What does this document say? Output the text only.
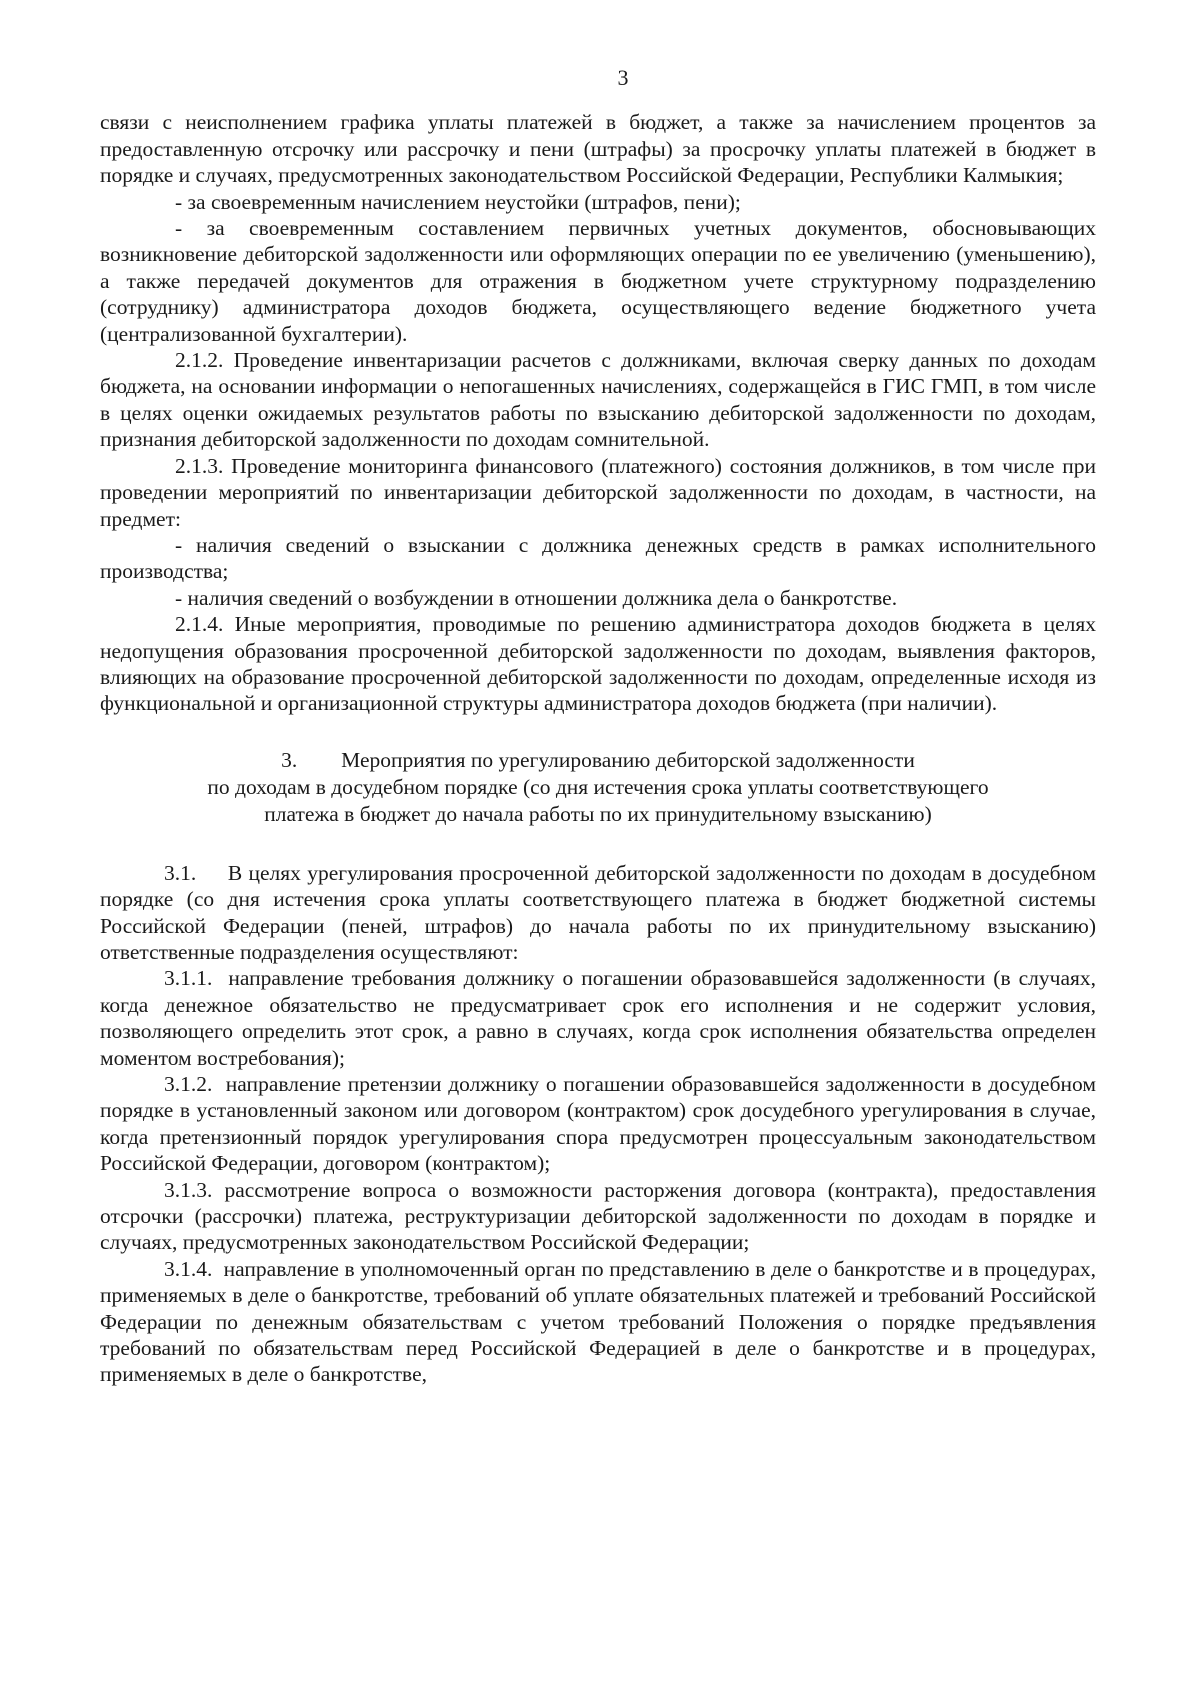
3

связи с неисполнением графика уплаты платежей в бюджет, а также за начислением процентов за предоставленную отсрочку или рассрочку и пени (штрафы) за просрочку уплаты платежей в бюджет в порядке и случаях, предусмотренных законодательством Российской Федерации, Республики Калмыкия;

- за своевременным начислением неустойки (штрафов, пени);

- за своевременным составлением первичных учетных документов, обосновывающих возникновение дебиторской задолженности или оформляющих операции по ее увеличению (уменьшению), а также передачей документов для отражения в бюджетном учете структурному подразделению (сотруднику) администратора доходов бюджета, осуществляющего ведение бюджетного учета (централизованной бухгалтерии).

2.1.2. Проведение инвентаризации расчетов с должниками, включая сверку данных по доходам бюджета, на основании информации о непогашенных начислениях, содержащейся в ГИС ГМП, в том числе в целях оценки ожидаемых результатов работы по взысканию дебиторской задолженности по доходам, признания дебиторской задолженности по доходам сомнительной.

2.1.3. Проведение мониторинга финансового (платежного) состояния должников, в том числе при проведении мероприятий по инвентаризации дебиторской задолженности по доходам, в частности, на предмет:

- наличия сведений о взыскании с должника денежных средств в рамках исполнительного производства;

- наличия сведений о возбуждении в отношении должника дела о банкротстве.

2.1.4. Иные мероприятия, проводимые по решению администратора доходов бюджета в целях недопущения образования просроченной дебиторской задолженности по доходам, выявления факторов, влияющих на образование просроченной дебиторской задолженности по доходам, определенные исходя из функциональной и организационной структуры администратора доходов бюджета (при наличии).

3. Мероприятия по урегулированию дебиторской задолженности
по доходам в досудебном порядке (со дня истечения срока уплаты соответствующего
платежа в бюджет до начала работы по их принудительному взысканию)

3.1.     В целях урегулирования просроченной дебиторской задолженности по доходам в досудебном порядке (со дня истечения срока уплаты соответствующего платежа в бюджет бюджетной системы Российской Федерации (пеней, штрафов) до начала работы по их принудительному взысканию) ответственные подразделения осуществляют:

3.1.1.  направление требования должнику о погашении образовавшейся задолженности (в случаях, когда денежное обязательство не предусматривает срок его исполнения и не содержит условия, позволяющего определить этот срок, а равно в случаях, когда срок исполнения обязательства определен моментом востребования);

3.1.2.  направление претензии должнику о погашении образовавшейся задолженности в досудебном порядке в установленный законом или договором (контрактом) срок досудебного урегулирования в случае, когда претензионный порядок урегулирования спора предусмотрен процессуальным законодательством Российской Федерации, договором (контрактом);

3.1.3. рассмотрение вопроса о возможности расторжения договора (контракта), предоставления отсрочки (рассрочки) платежа, реструктуризации дебиторской задолженности по доходам в порядке и случаях, предусмотренных законодательством Российской Федерации;

3.1.4.  направление в уполномоченный орган по представлению в деле о банкротстве и в процедурах, применяемых в деле о банкротстве, требований об уплате обязательных платежей и требований Российской Федерации по денежным обязательствам с учетом требований Положения о порядке предъявления требований по обязательствам перед Российской Федерацией в деле о банкротстве и в процедурах, применяемых в деле о банкротстве,
